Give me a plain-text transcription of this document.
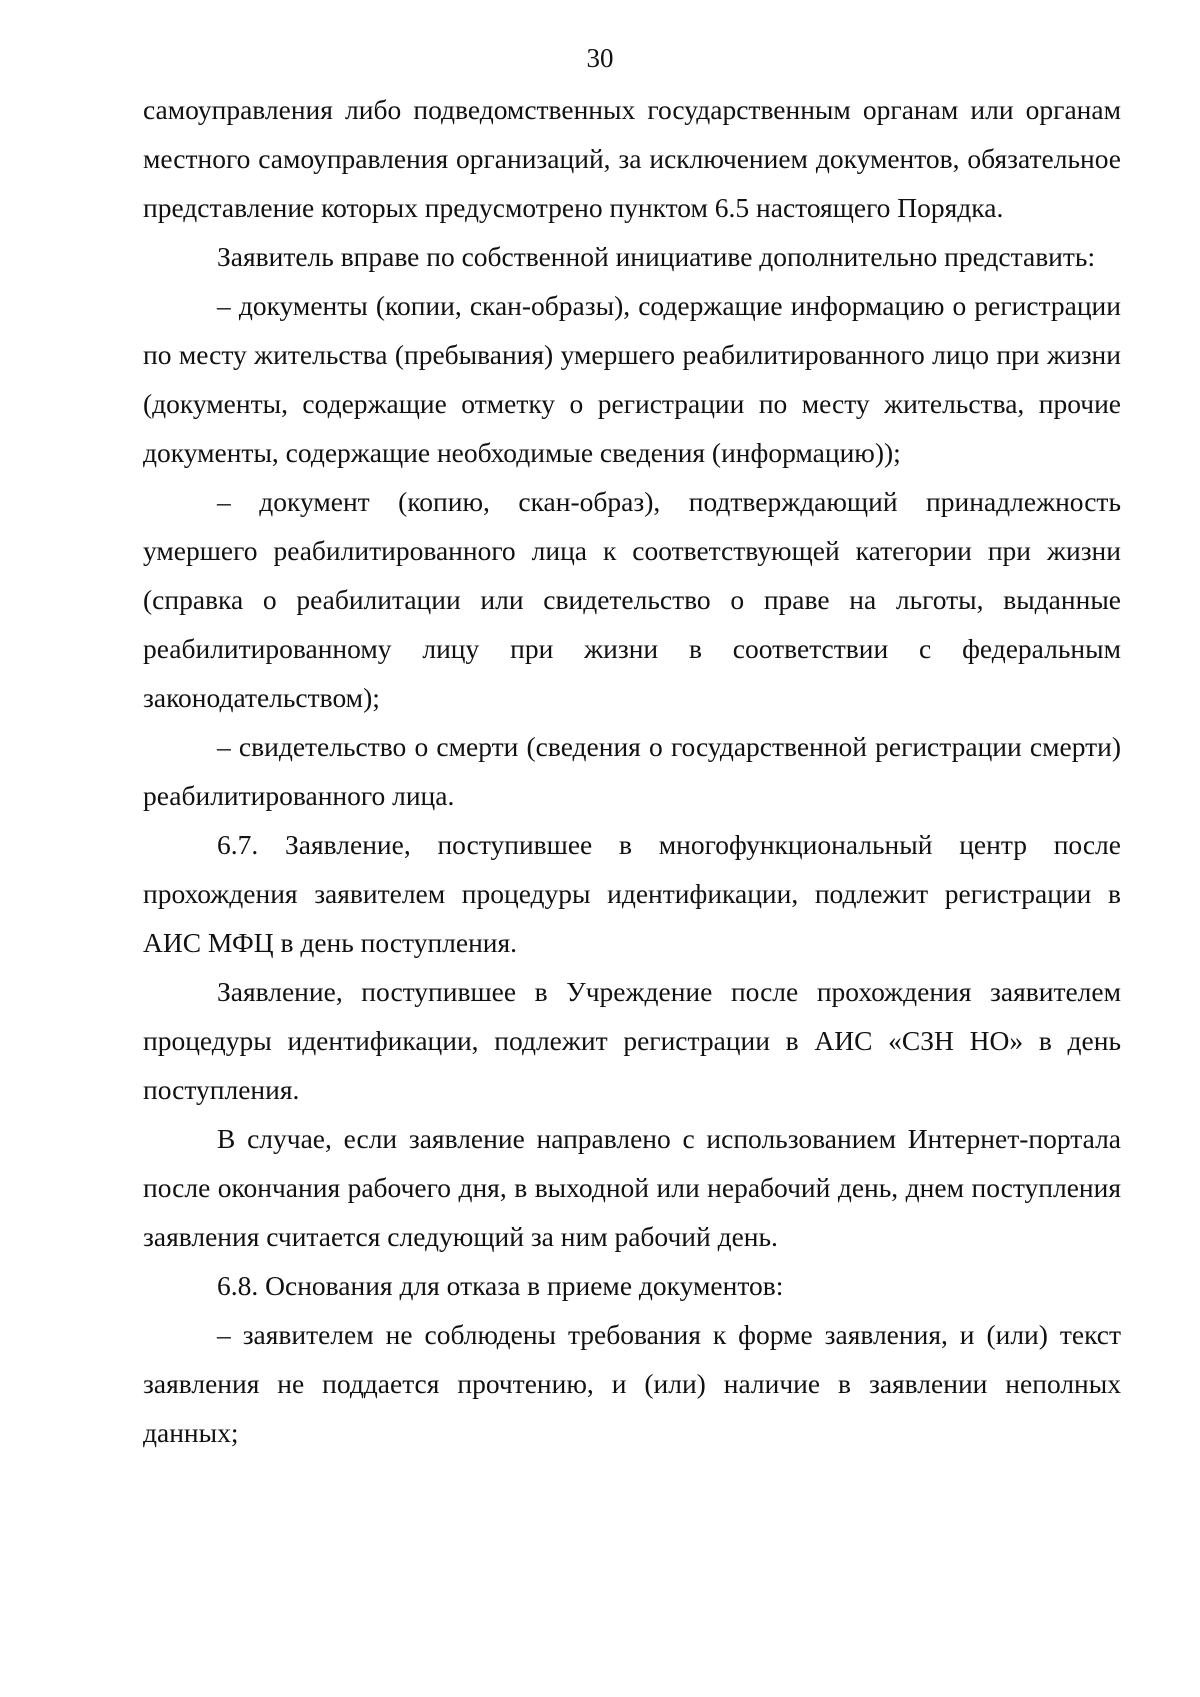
30

самоуправления либо подведомственных государственным органам или органам местного самоуправления организаций, за исключением документов, обязательное представление которых предусмотрено пунктом 6.5 настоящего Порядка.

Заявитель вправе по собственной инициативе дополнительно представить:

– документы (копии, скан-образы), содержащие информацию о регистрации по месту жительства (пребывания) умершего реабилитированного лицо при жизни (документы, содержащие отметку о регистрации по месту жительства, прочие документы, содержащие необходимые сведения (информацию));

– документ (копию, скан-образ), подтверждающий принадлежность умершего реабилитированного лица к соответствующей категории при жизни (справка о реабилитации или свидетельство о праве на льготы, выданные реабилитированному лицу при жизни в соответствии с федеральным законодательством);

– свидетельство о смерти (сведения о государственной регистрации смерти) реабилитированного лица.

6.7. Заявление, поступившее в многофункциональный центр после прохождения заявителем процедуры идентификации, подлежит регистрации в АИС МФЦ в день поступления.

Заявление, поступившее в Учреждение после прохождения заявителем процедуры идентификации, подлежит регистрации в АИС «СЗН НО» в день поступления.

В случае, если заявление направлено с использованием Интернет-портала после окончания рабочего дня, в выходной или нерабочий день, днем поступления заявления считается следующий за ним рабочий день.

6.8. Основания для отказа в приеме документов:

– заявителем не соблюдены требования к форме заявления, и (или) текст заявления не поддается прочтению, и (или) наличие в заявлении неполных данных;
